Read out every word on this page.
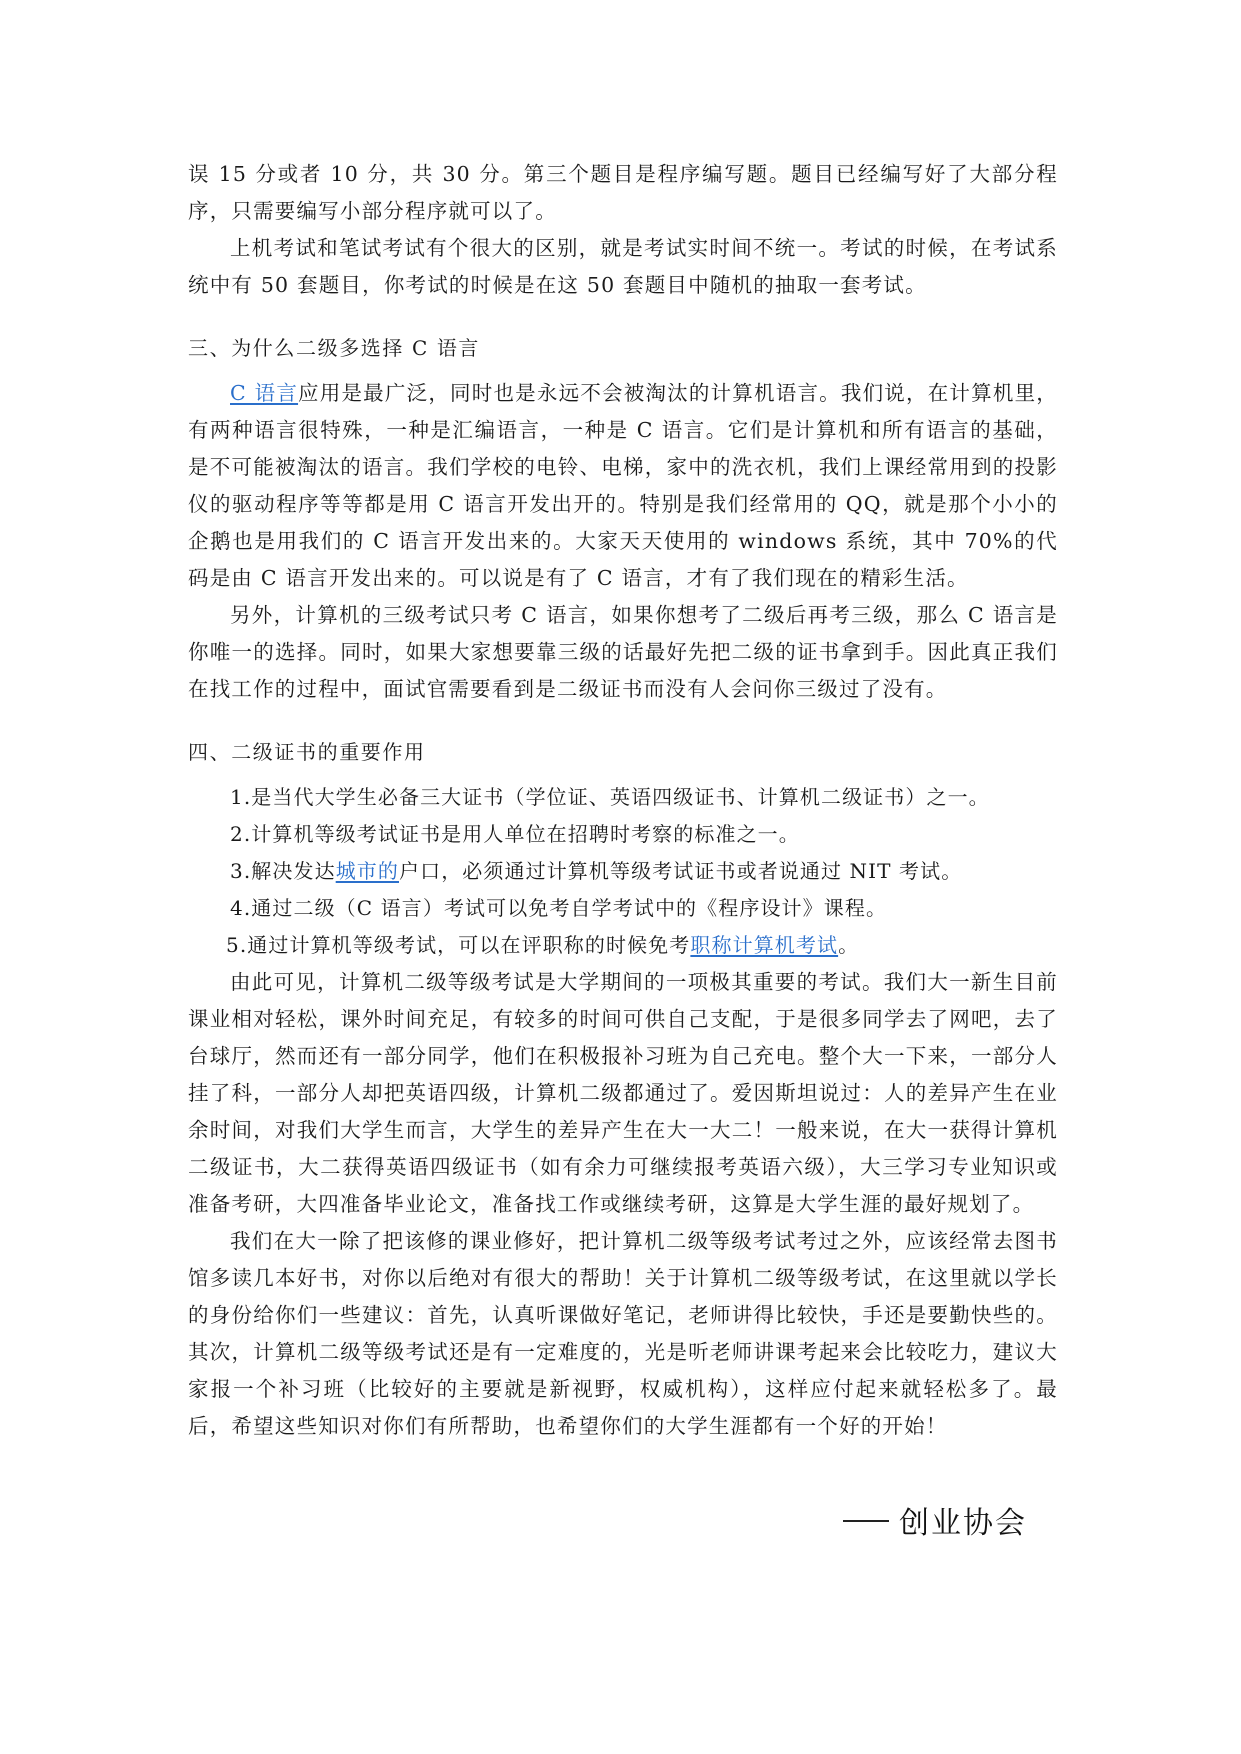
误 15 分或者 10 分，共 30 分。第三个题目是程序编写题。题目已经编写好了大部分程序，只需要编写小部分程序就可以了。

上机考试和笔试考试有个很大的区别，就是考试实时间不统一。考试的时候，在考试系统中有 50 套题目，你考试的时候是在这 50 套题目中随机的抽取一套考试。

三、为什么二级多选择 C 语言

C 语言应用是最广泛，同时也是永远不会被淘汰的计算机语言。我们说，在计算机里，有两种语言很特殊，一种是汇编语言，一种是 C 语言。它们是计算机和所有语言的基础，是不可能被淘汰的语言。我们学校的电铃、电梯，家中的洗衣机，我们上课经常用到的投影仪的驱动程序等等都是用 C 语言开发出开的。特别是我们经常用的 QQ，就是那个小小的企鹅也是用我们的 C 语言开发出来的。大家天天使用的 windows 系统，其中 70%的代码是由 C 语言开发出来的。可以说是有了 C 语言，才有了我们现在的精彩生活。

另外，计算机的三级考试只考 C 语言，如果你想考了二级后再考三级，那么 C 语言是你唯一的选择。同时，如果大家想要靠三级的话最好先把二级的证书拿到手。因此真正我们在找工作的过程中，面试官需要看到是二级证书而没有人会问你三级过了没有。

四、二级证书的重要作用

1.是当代大学生必备三大证书（学位证、英语四级证书、计算机二级证书）之一。

2.计算机等级考试证书是用人单位在招聘时考察的标准之一。

3.解决发达城市的户口，必须通过计算机等级考试证书或者说通过 NIT 考试。

4.通过二级（C 语言）考试可以免考自学考试中的《程序设计》课程。

5.通过计算机等级考试，可以在评职称的时候免考职称计算机考试。

由此可见，计算机二级等级考试是大学期间的一项极其重要的考试。我们大一新生目前课业相对轻松，课外时间充足，有较多的时间可供自己支配，于是很多同学去了网吧，去了台球厅，然而还有一部分同学，他们在积极报补习班为自己充电。整个大一下来，一部分人挂了科，一部分人却把英语四级，计算机二级都通过了。爱因斯坦说过：人的差异产生在业余时间，对我们大学生而言，大学生的差异产生在大一大二！一般来说，在大一获得计算机二级证书，大二获得英语四级证书（如有余力可继续报考英语六级），大三学习专业知识或准备考研，大四准备毕业论文，准备找工作或继续考研，这算是大学生涯的最好规划了。

我们在大一除了把该修的课业修好，把计算机二级等级考试考过之外，应该经常去图书馆多读几本好书，对你以后绝对有很大的帮助！关于计算机二级等级考试，在这里就以学长的身份给你们一些建议：首先，认真听课做好笔记，老师讲得比较快，手还是要勤快些的。其次，计算机二级等级考试还是有一定难度的，光是听老师讲课考起来会比较吃力，建议大家报一个补习班（比较好的主要就是新视野，权威机构），这样应付起来就轻松多了。最后，希望这些知识对你们有所帮助，也希望你们的大学生涯都有一个好的开始！

创业协会
